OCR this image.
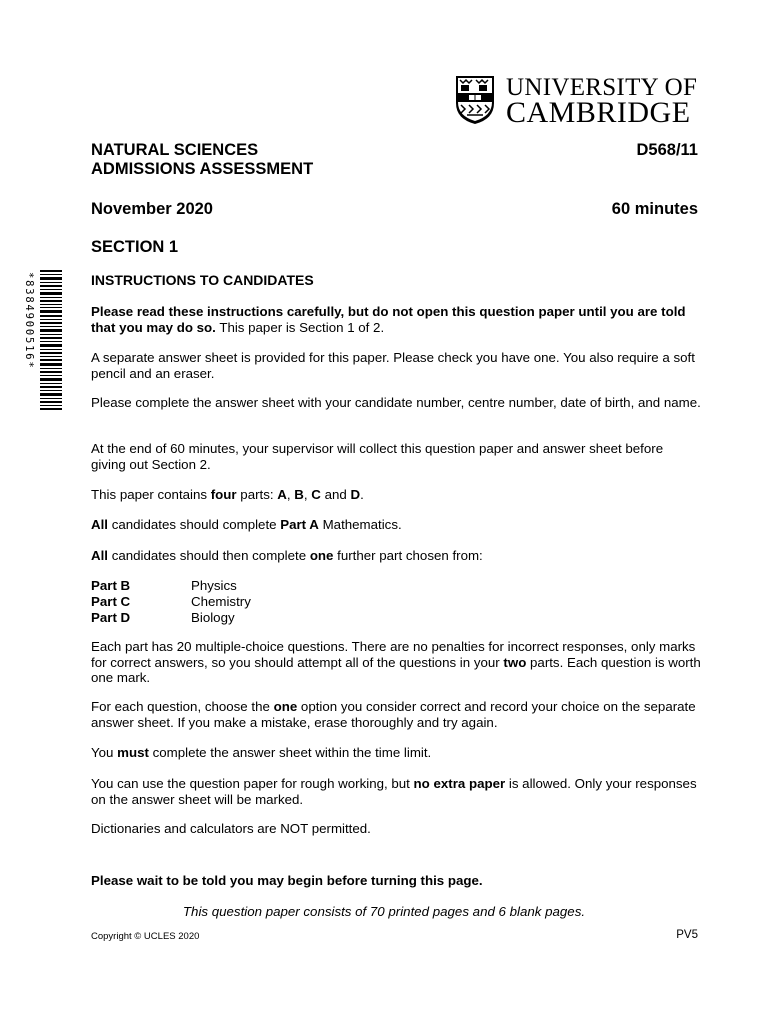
UNIVERSITY OF
CAMBRIDGE
NATURAL SCIENCES
ADMISSIONS ASSESSMENT
D568/11
November 2020	60 minutes
SECTION 1
*8384900516*	INSTRUCTIONS TO CANDIDATES
Please read these instructions carefully, but do not open this question paper until you are told that you may do so. This paper is Section 1 of 2.
A separate answer sheet is provided for this paper. Please check you have one. You also require a soft pencil and an eraser.
Please complete the answer sheet with your candidate number, centre number, date of birth, and name.
At the end of 60 minutes, your supervisor will collect this question paper and answer sheet before giving out Section 2.
This paper contains four parts: A, B, C and D.
All candidates should complete Part A Mathematics.
All candidates should then complete one further part chosen from:
Part B	Physics
Part C	Chemistry
Part D	Biology
Each part has 20 multiple-choice questions. There are no penalties for incorrect responses, only marks for correct answers, so you should attempt all of the questions in your two parts. Each question is worth one mark.
For each question, choose the one option you consider correct and record your choice on the separate answer sheet. If you make a mistake, erase thoroughly and try again.
You must complete the answer sheet within the time limit.
You can use the question paper for rough working, but no extra paper is allowed. Only your responses on the answer sheet will be marked.
Dictionaries and calculators are NOT permitted.
Please wait to be told you may begin before turning this page.
This question paper consists of 70 printed pages and 6 blank pages.
Copyright © UCLES 2020	PV5
